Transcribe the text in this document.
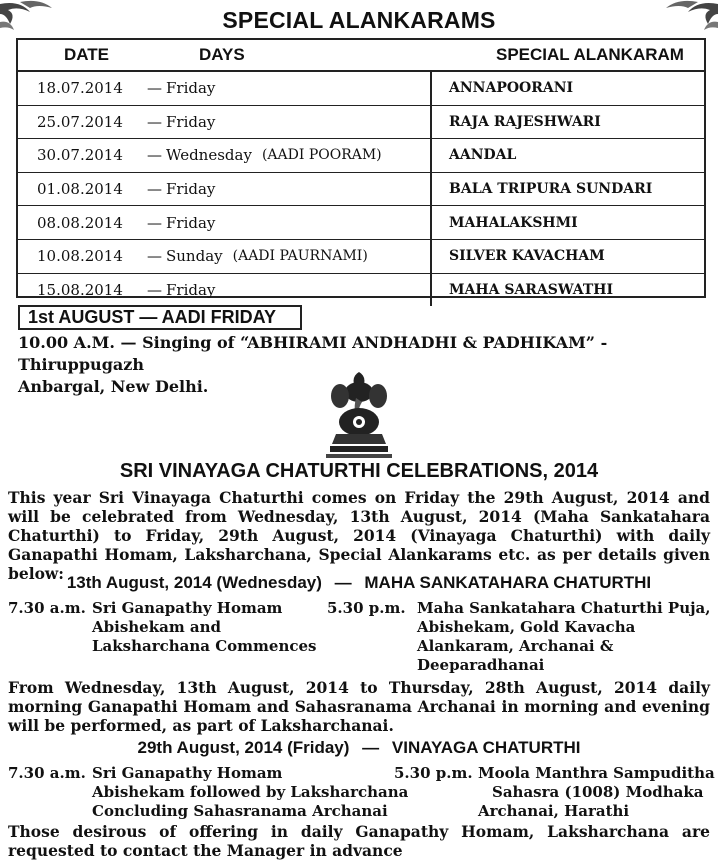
SPECIAL ALANKARAMS
DATE	DAYS	SPECIAL ALANKARAM
18.07.2014	— Friday	ANNAPOORANI
25.07.2014	— Friday	RAJA RAJESHWARI
30.07.2014	— Wednesday (AADI POORAM)	AANDAL
01.08.2014	— Friday	BALA TRIPURA SUNDARI
08.08.2014	— Friday	MAHALAKSHMI
10.08.2014	— Sunday (AADI PAURNAMI)	SILVER KAVACHAM
15.08.2014	— Friday	MAHA SARASWATHI
1st AUGUST — AADI FRIDAY
10.00 A.M. — Singing of “ABHIRAMI ANDHADHI & PADHIKAM” - Thiruppugazh
Anbargal, New Delhi.
SRI VINAYAGA CHATURTHI CELEBRATIONS, 2014
This year Sri Vinayaga Chaturthi comes on Friday the 29th August, 2014 and will be celebrated from Wednesday, 13th August, 2014 (Maha Sankatahara Chaturthi) to Friday, 29th August, 2014 (Vinayaga Chaturthi) with daily Ganapathi Homam, Laksharchana, Special Alankarams etc. as per details given below: 13th August, 2014 (Wednesday) — MAHA SANKATAHARA CHATURTHI
7.30 a.m. Sri Ganapathy Homam
Abishekam and
Laksharchana Commences
5.30 p.m. Maha Sankatahara Chaturthi Puja,
Abishekam, Gold Kavacha
Alankaram, Archanai &
Deeparadhanai
From Wednesday, 13th August, 2014 to Thursday, 28th August, 2014 daily morning Ganapathi Homam and Sahasranama Archanai in morning and evening will be performed, as part of Laksharchanai.
29th August, 2014 (Friday) — VINAYAGA CHATURTHI
7.30 a.m. Sri Ganapathy Homam
Abishekam followed by Laksharchana
Concluding Sahasranama Archanai
5.30 p.m. Moola Manthra Sampuditha
Sahasra (1008) Modhaka
Archanai, Harathi
Those desirous of offering in daily Ganapathy Homam, Laksharchana are requested to contact the Manager in advance
